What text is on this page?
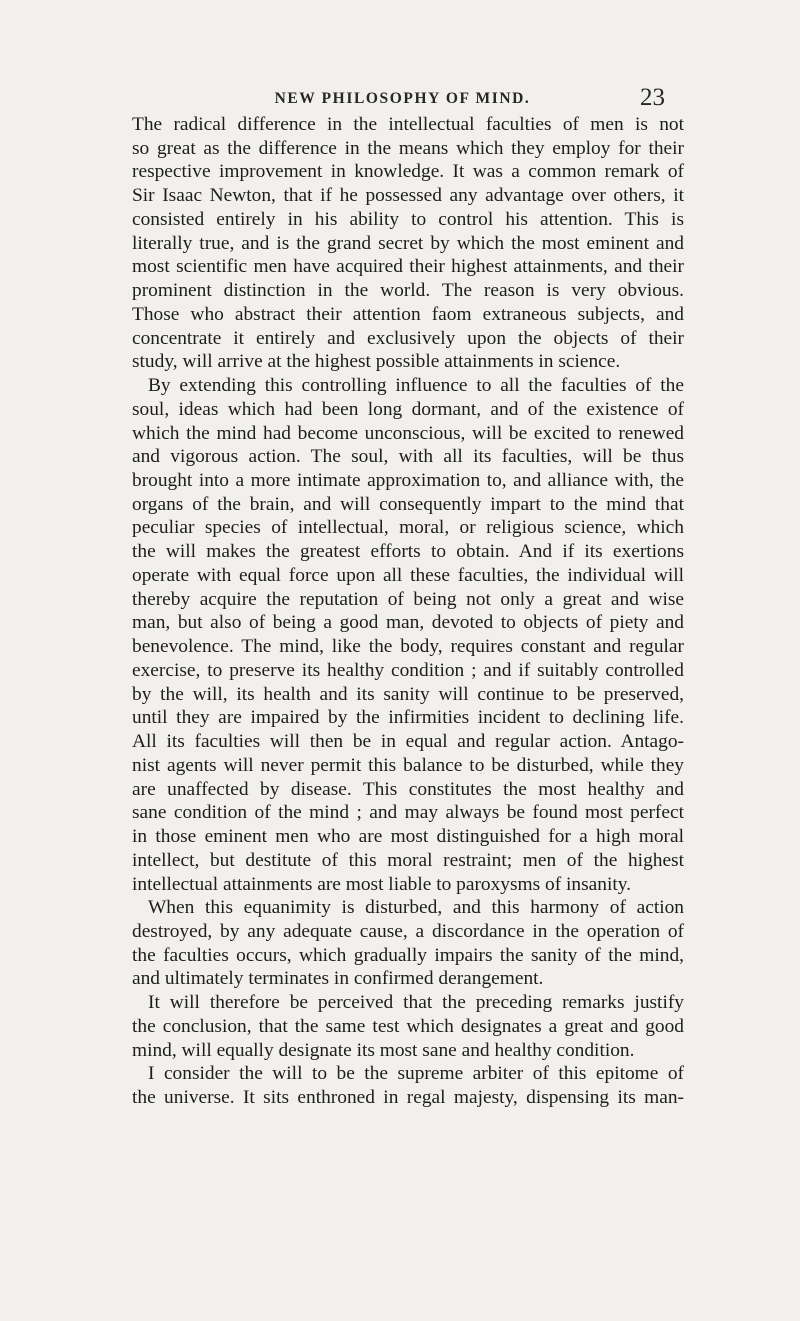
NEW PHILOSOPHY OF MIND.	23
The radical difference in the intellectual faculties of men is not
so great as the difference in the means which they employ for their
respective improvement in knowledge. It was a common remark of
Sir Isaac Newton, that if he possessed any advantage over others, it
consisted entirely in his ability to control his attention. This is
literally true, and is the grand secret by which the most eminent and
most scientific men have acquired their highest attainments, and their
prominent distinction in the world. The reason is very obvious.
Those who abstract their attention faom extraneous subjects, and
concentrate it entirely and exclusively upon the objects of their
study, will arrive at the highest possible attainments in science.
By extending this controlling influence to all the faculties of the
soul, ideas which had been long dormant, and of the existence of
which the mind had become unconscious, will be excited to renewed
and vigorous action. The soul, with all its faculties, will be thus
brought into a more intimate approximation to, and alliance with, the
organs of the brain, and will consequently impart to the mind that
peculiar species of intellectual, moral, or religious science, which
the will makes the greatest efforts to obtain. And if its exertions
operate with equal force upon all these faculties, the individual will
thereby acquire the reputation of being not only a great and wise
man, but also of being a good man, devoted to objects of piety and
benevolence. The mind, like the body, requires constant and regular
exercise, to preserve its healthy condition ; and if suitably controlled
by the will, its health and its sanity will continue to be preserved,
until they are impaired by the infirmities incident to declining life.
All its faculties will then be in equal and regular action. Antago-
nist agents will never permit this balance to be disturbed, while they
are unaffected by disease. This constitutes the most healthy and
sane condition of the mind ; and may always be found most perfect
in those eminent men who are most distinguished for a high moral
intellect, but destitute of this moral restraint; men of the highest
intellectual attainments are most liable to paroxysms of insanity.
When this equanimity is disturbed, and this harmony of action
destroyed, by any adequate cause, a discordance in the operation of
the faculties occurs, which gradually impairs the sanity of the mind,
and ultimately terminates in confirmed derangement.
It will therefore be perceived that the preceding remarks justify
the conclusion, that the same test which designates a great and good
mind, will equally designate its most sane and healthy condition.
I consider the will to be the supreme arbiter of this epitome of
the universe. It sits enthroned in regal majesty, dispensing its man-
